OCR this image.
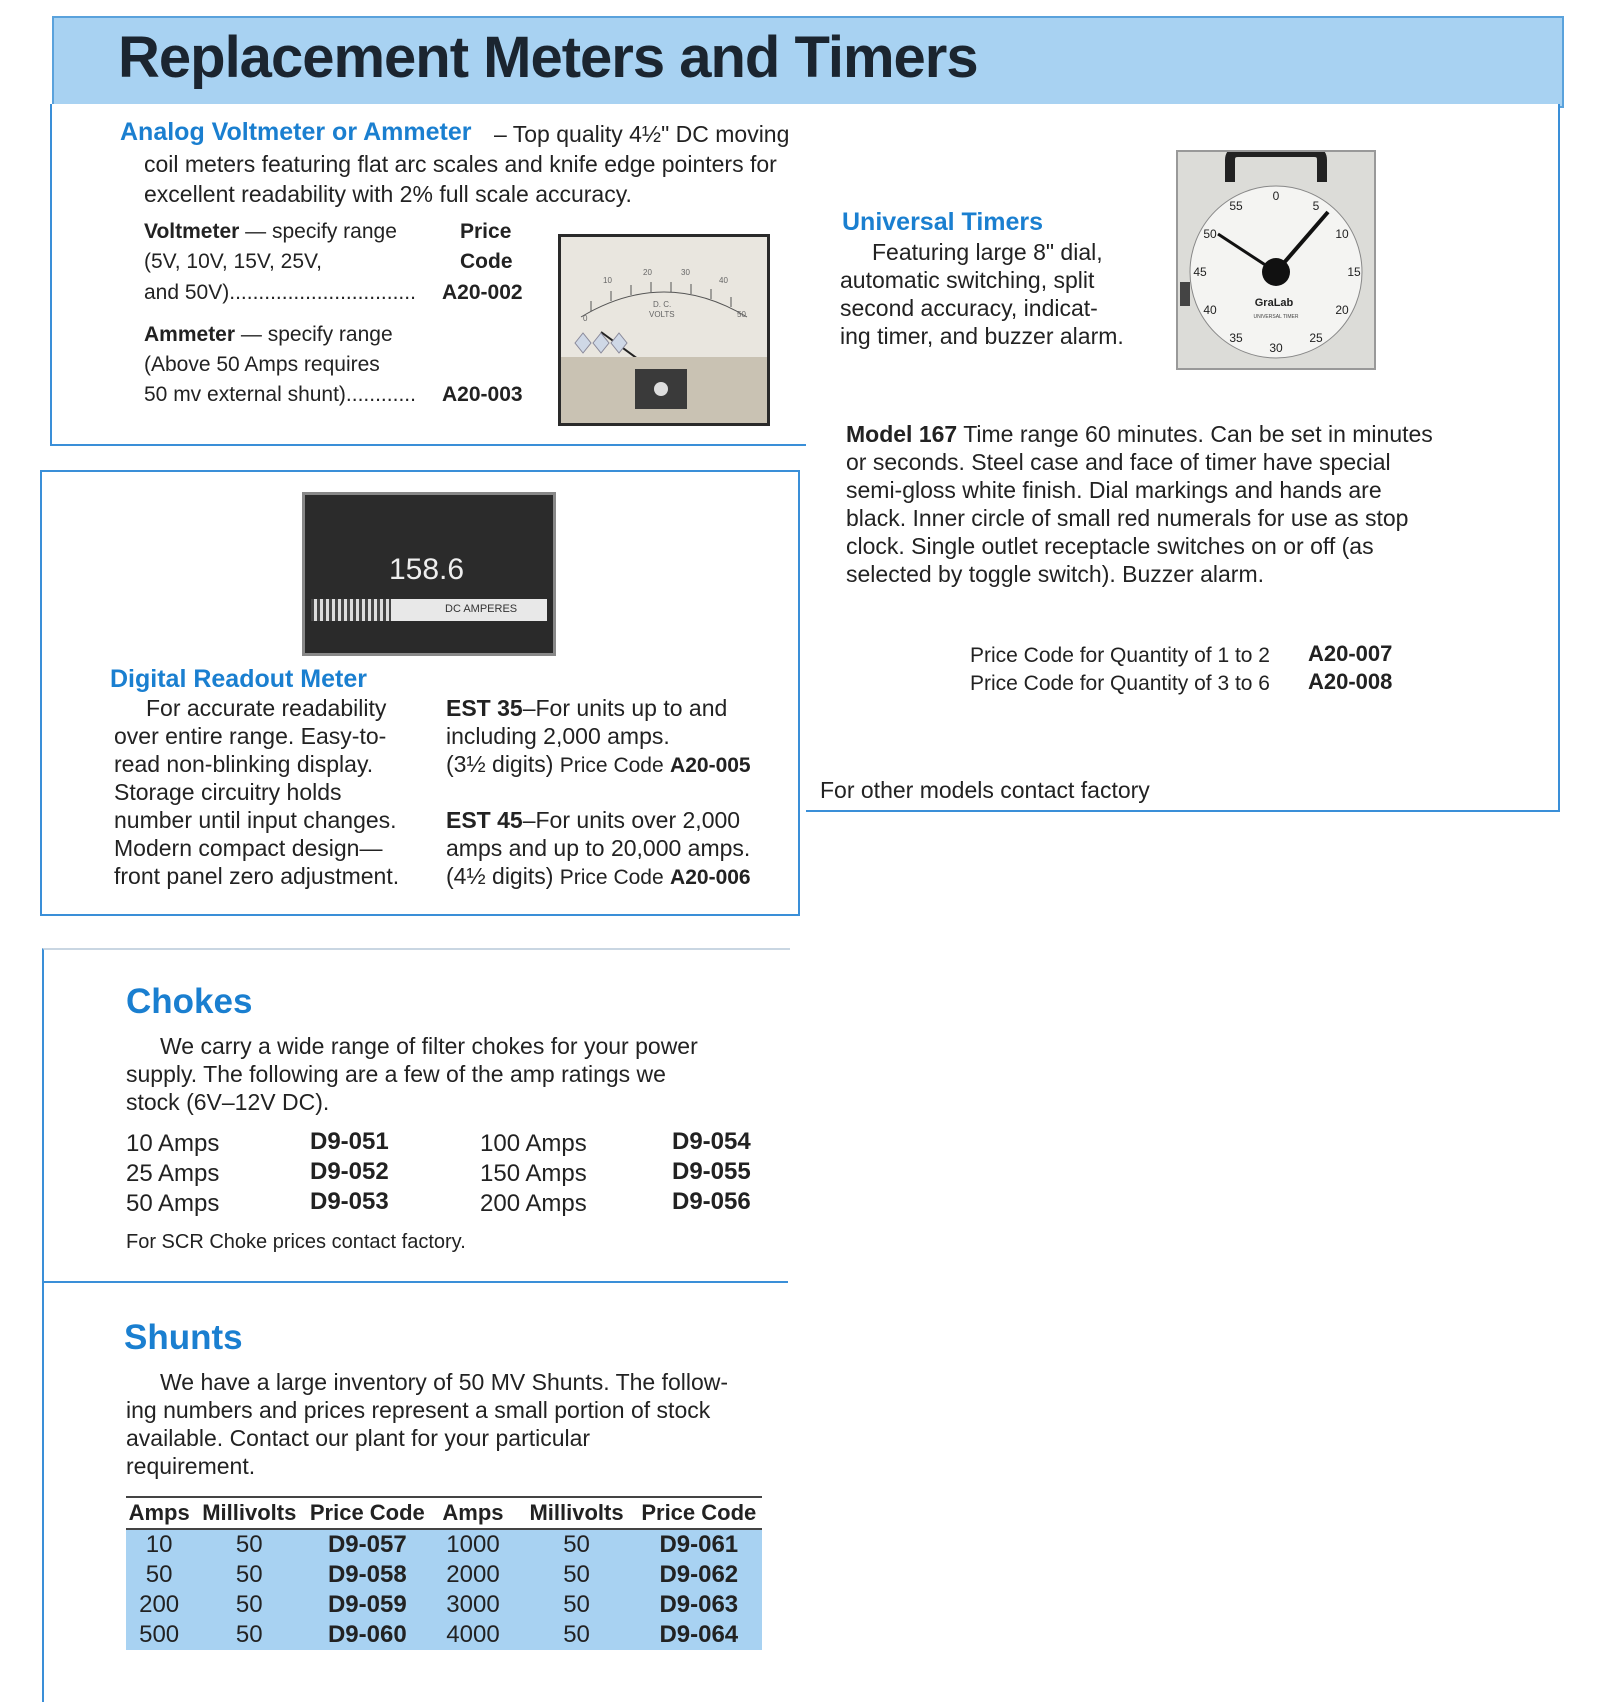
Replacement Meters and Timers
Analog Voltmeter or Ammeter – Top quality 4½" DC moving
coil meters featuring flat arc scales and knife edge pointers for
excellent readability with 2% full scale accuracy.
Voltmeter — specify range
(5V, 10V, 15V, 25V,
and 50V)................................ A20-002
Price
Code
Ammeter — specify range
(Above 50 Amps requires
50 mv external shunt)............ A20-003
10
20	30
40
50
0
D. C.
VOLTS
158.6
DC AMPERES
Digital Readout Meter
For accurate readability
over entire range. Easy-to-
read non-blinking display.
Storage circuitry holds
number until input changes.
Modern compact design—
front panel zero adjustment.
EST 35–For units up to and
including 2,000 amps.
(3½ digits) Price Code A20-005
EST 45–For units over 2,000
amps and up to 20,000 amps.
(4½ digits) Price Code A20-006
0
5
10
15
20
25
30
35
40
45
50
55
GraLab
UNIVERSAL TIMER
Universal Timers
Featuring large 8" dial,
automatic switching, split
second accuracy, indicat-
ing timer, and buzzer alarm.
Model 167 Time range 60 minutes. Can be set in minutes
or seconds. Steel case and face of timer have special
semi-gloss white finish. Dial markings and hands are
black. Inner circle of small red numerals for use as stop
clock. Single outlet receptacle switches on or off (as
selected by toggle switch). Buzzer alarm.
Price Code for Quantity of 1 to 2 A20-007
Price Code for Quantity of 3 to 6 A20-008
For other models contact factory
Chokes
We carry a wide range of filter chokes for your power
supply. The following are a few of the amp ratings we
stock (6V–12V DC).
10 Amps	D9-051
25 Amps	D9-052
50 Amps	D9-053
100 Amps	D9-054
150 Amps	D9-055
200 Amps	D9-056
For SCR Choke prices contact factory.
Shunts
We have a large inventory of 50 MV Shunts. The follow-
ing numbers and prices represent a small portion of stock
available. Contact our plant for your particular
requirement.
Amps	Millivolts	Price Code	Amps	Millivolts	Price Code
10	50	D9-057	1000	50	D9-061
50	50	D9-058	2000	50	D9-062
200	50	D9-059	3000	50	D9-063
500	50	D9-060	4000	50	D9-064
